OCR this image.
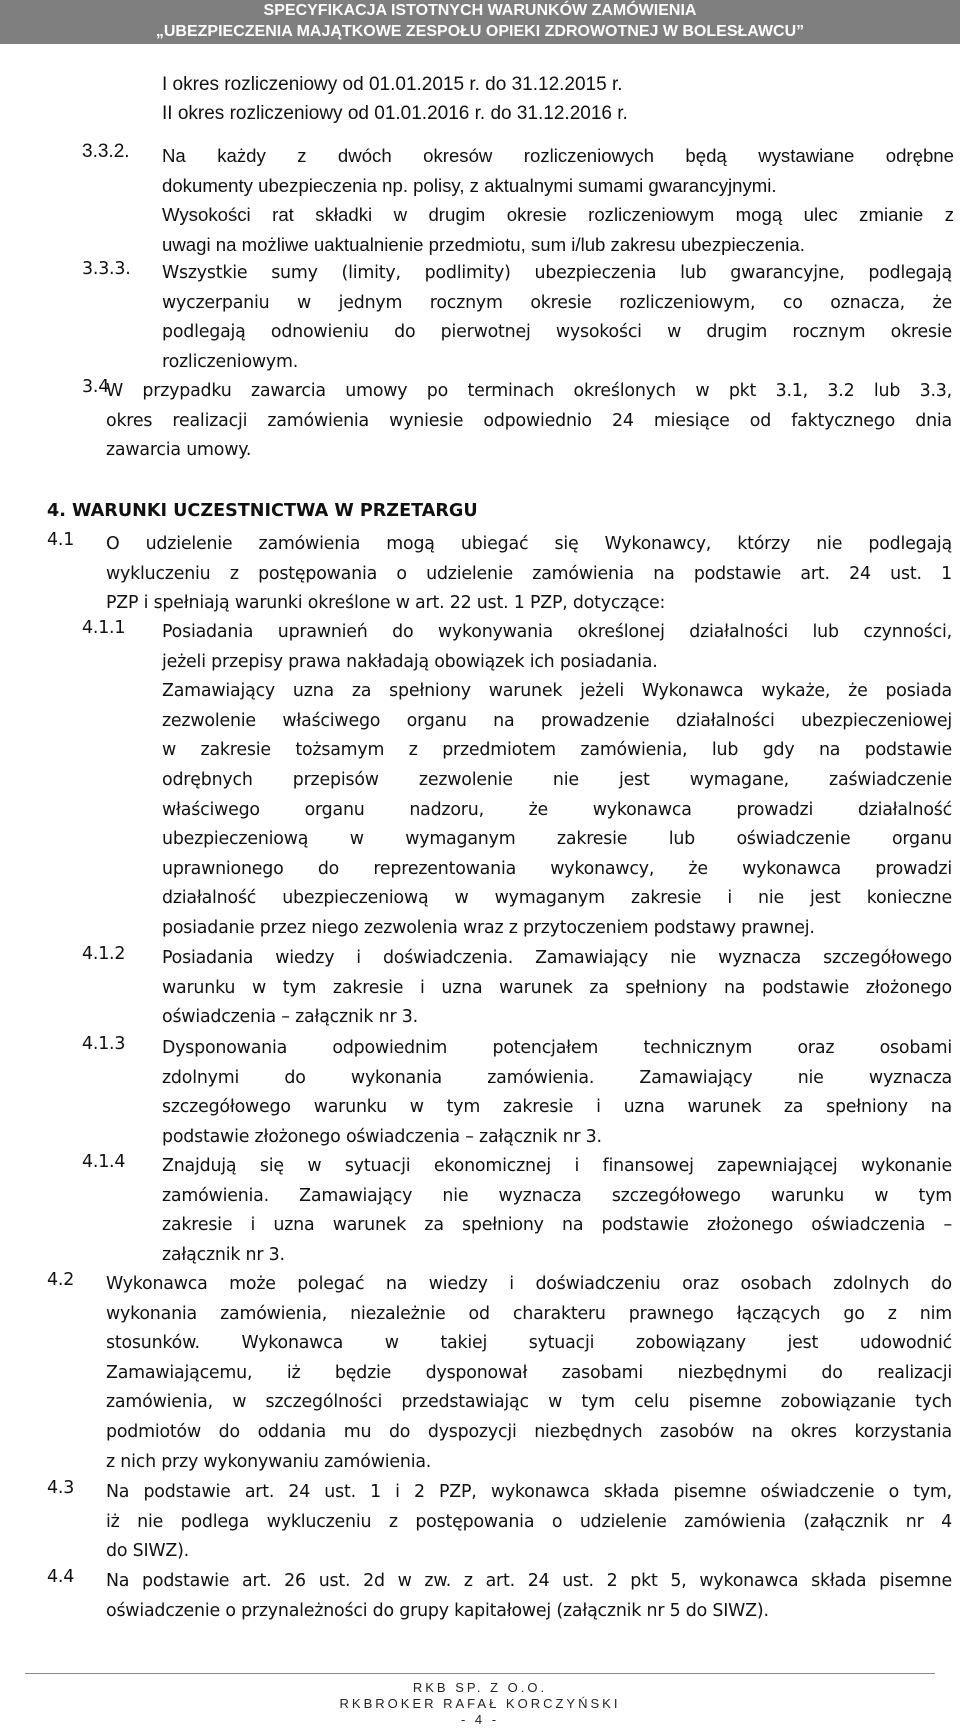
SPECYFIKACJA ISTOTNYCH WARUNKÓW ZAMÓWIENIA
„UBEZPIECZENIA MAJĄTKOWE ZESPOŁU OPIEKI ZDROWOTNEJ W BOLESŁAWCU”
I okres rozliczeniowy od 01.01.2015 r. do 31.12.2015 r.
II okres rozliczeniowy od 01.01.2016 r. do 31.12.2016 r.
3.3.2. Na każdy z dwóch okresów rozliczeniowych będą wystawiane odrębne
dokumenty ubezpieczenia np. polisy, z aktualnymi sumami gwarancyjnymi.
Wysokości rat składki w drugim okresie rozliczeniowym mogą ulec zmianie z
uwagi na możliwe uaktualnienie przedmiotu, sum i/lub zakresu ubezpieczenia.
3.3.3. Wszystkie sumy (limity, podlimity) ubezpieczenia lub gwarancyjne, podlegają
wyczerpaniu w jednym rocznym okresie rozliczeniowym, co oznacza, że
podlegają odnowieniu do pierwotnej wysokości w drugim rocznym okresie
rozliczeniowym.
3.4
W przypadku zawarcia umowy po terminach określonych w pkt 3.1, 3.2 lub 3.3,
okres realizacji zamówienia wyniesie odpowiednio 24 miesiące od faktycznego dnia
zawarcia umowy.
4. WARUNKI UCZESTNICTWA W PRZETARGU
4.1 O udzielenie zamówienia mogą ubiegać się Wykonawcy, którzy nie podlegają
wykluczeniu z postępowania o udzielenie zamówienia na podstawie art. 24 ust. 1
PZP i spełniają warunki określone w art. 22 ust. 1 PZP, dotyczące:
4.1.1 Posiadania uprawnień do wykonywania określonej działalności lub czynności,
jeżeli przepisy prawa nakładają obowiązek ich posiadania.
Zamawiający uzna za spełniony warunek jeżeli Wykonawca wykaże, że posiada
zezwolenie właściwego organu na prowadzenie działalności ubezpieczeniowej
w zakresie tożsamym z przedmiotem zamówienia, lub gdy na podstawie
odrębnych przepisów zezwolenie nie jest wymagane, zaświadczenie
właściwego organu nadzoru, że wykonawca prowadzi działalność
ubezpieczeniową w wymaganym zakresie lub oświadczenie organu
uprawnionego do reprezentowania wykonawcy, że wykonawca prowadzi
działalność ubezpieczeniową w wymaganym zakresie i nie jest konieczne
posiadanie przez niego zezwolenia wraz z przytoczeniem podstawy prawnej.
4.1.2 Posiadania wiedzy i doświadczenia. Zamawiający nie wyznacza szczegółowego
warunku w tym zakresie i uzna warunek za spełniony na podstawie złożonego
oświadczenia – załącznik nr 3.
4.1.3 Dysponowania odpowiednim potencjałem technicznym oraz osobami
zdolnymi do wykonania zamówienia. Zamawiający nie wyznacza
szczegółowego warunku w tym zakresie i uzna warunek za spełniony na
podstawie złożonego oświadczenia – załącznik nr 3.
4.1.4 Znajdują się w sytuacji ekonomicznej i finansowej zapewniającej wykonanie
zamówienia. Zamawiający nie wyznacza szczegółowego warunku w tym
zakresie i uzna warunek za spełniony na podstawie złożonego oświadczenia –
załącznik nr 3.
4.2 Wykonawca może polegać na wiedzy i doświadczeniu oraz osobach zdolnych do
wykonania zamówienia, niezależnie od charakteru prawnego łączących go z nim
stosunków. Wykonawca w takiej sytuacji zobowiązany jest udowodnić
Zamawiającemu, iż będzie dysponował zasobami niezbędnymi do realizacji
zamówienia, w szczególności przedstawiając w tym celu pisemne zobowiązanie tych
podmiotów do oddania mu do dyspozycji niezbędnych zasobów na okres korzystania
z nich przy wykonywaniu zamówienia.
4.3 Na podstawie art. 24 ust. 1 i 2 PZP, wykonawca składa pisemne oświadczenie o tym,
iż nie podlega wykluczeniu z postępowania o udzielenie zamówienia (załącznik nr 4
do SIWZ).
4.4 Na podstawie art. 26 ust. 2d w zw. z art. 24 ust. 2 pkt 5, wykonawca składa pisemne
oświadczenie o przynależności do grupy kapitałowej (załącznik nr 5 do SIWZ).
RKB SP. Z O.O.
RKBROKER RAFAŁ KORCZYŃSKI
- 4 -
